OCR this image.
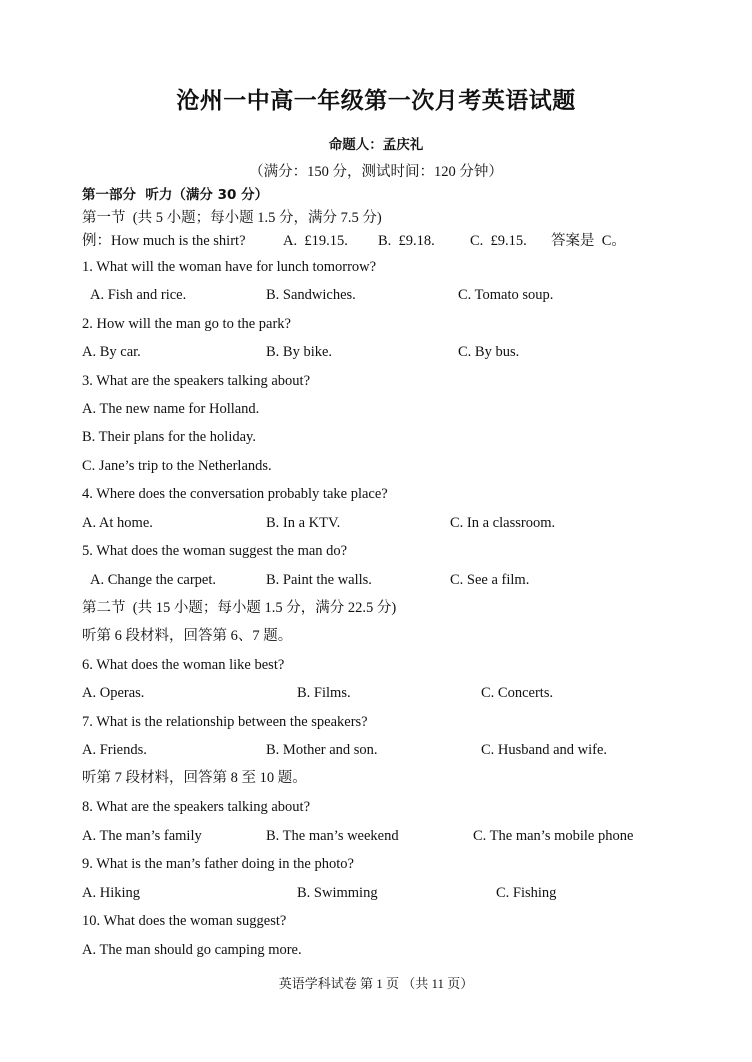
沧州一中高一年级第一次月考英语试题
命题人：孟庆礼
（满分：150 分，测试时间：120 分钟）
第一部分  听力（满分 30 分）
第一节  (共 5 小题；每小题 1.5 分，满分 7.5 分)
例：How much is the shirt?	A.  £19.15. B.  £9.18. C.  £9.15. 答案是  C。
1. What will the woman have for lunch tomorrow?
A. Fish and rice.	B. Sandwiches.	C. Tomato soup.
2. How will the man go to the park?
A. By car.	B. By bike.	C. By bus.
3. What are the speakers talking about?
A. The new name for Holland.
B. Their plans for the holiday.
C. Jane’s trip to the Netherlands.
4. Where does the conversation probably take place?
A. At home.	B. In a KTV.	C. In a classroom.
5. What does the woman suggest the man do?
A. Change the carpet.	B. Paint the walls.	C. See a film.
第二节  (共 15 小题；每小题 1.5 分，满分 22.5 分)
听第 6 段材料，回答第 6、7 题。
6. What does the woman like best?
A. Operas.	B. Films.	C. Concerts.
7. What is the relationship between the speakers?
A. Friends.	B. Mother and son.	C. Husband and wife.
听第 7 段材料，回答第 8 至 10 题。
8. What are the speakers talking about?
A. The man’s family	B. The man’s weekend	C. The man’s mobile phone
9. What is the man’s father doing in the photo?
A. Hiking	B. Swimming	C. Fishing
10. What does the woman suggest?
A. The man should go camping more.
英语学科试卷 第 1 页 （共 11 页）
